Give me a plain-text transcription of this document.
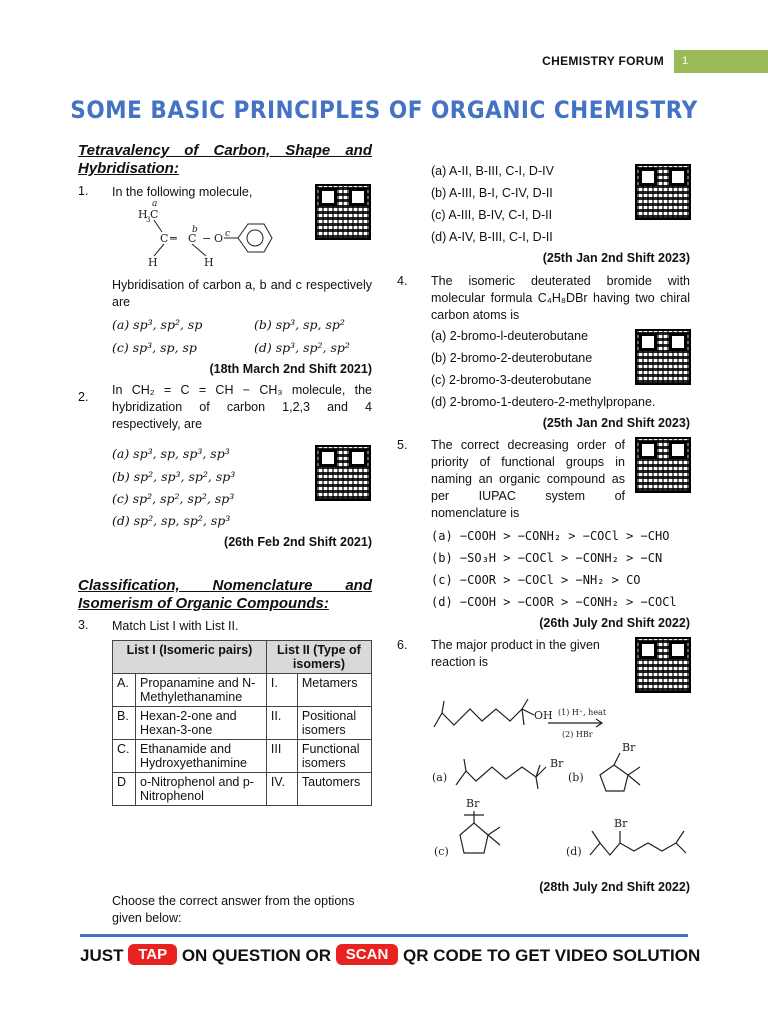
CHEMISTRY FORUM	1
SOME BASIC PRINCIPLES OF ORGANIC CHEMISTRY
Tetravalency of Carbon, Shape and Hybridisation:
1. In the following molecule,
a
H
3 C
C ═ C
b
− O c
H	H
Hybridisation of carbon a, b and c respectively are
(a) sp³, sp², sp	(b) sp³, sp, sp²
(c) sp³, sp, sp	(d) sp³, sp², sp²
(18th March 2nd Shift 2021)
2. In CH₂ = C = CH − CH₃ molecule, the hybridization of carbon 1,2,3 and 4 respectively, are
(a) sp³, sp, sp³, sp³
(b) sp², sp³, sp², sp³
(c) sp², sp², sp², sp³
(d) sp², sp, sp², sp³
(26th Feb 2nd Shift 2021)
Classification, Nomenclature and Isomerism of Organic Compounds:
3. Match List I with List II.
List I (Isomeric pairs)		List II (Type of isomers)	
A.	Propanamine and N-Methylethanamine	I.	Metamers
B.	Hexan-2-one and Hexan-3-one	II.	Positional isomers
C.	Ethanamide and Hydroxyethanimine	III	Functional isomers
D	o-Nitrophenol and p-Nitrophenol	IV.	Tautomers
Choose the correct answer from the options given below:
(a) A-II, B-III, C-I, D-IV
(b) A-III, B-I, C-IV, D-II
(c) A-III, B-IV, C-I, D-II
(d) A-IV, B-III, C-I, D-II
(25th Jan 2nd Shift 2023)
4. The isomeric deuterated bromide with molecular formula C₄H₈DBr having two chiral carbon atoms is
(a) 2-bromo-l-deuterobutane
(b) 2-bromo-2-deuterobutane
(c) 2-bromo-3-deuterobutane
(d) 2-bromo-1-deutero-2-methylpropane.
(25th Jan 2nd Shift 2023)
5. The correct decreasing order of priority of functional groups in naming an organic compound as per IUPAC system of nomenclature is
(a) −COOH > −CONH₂ > −COCl > −CHO
(b) −SO₃H > −COCl > −CONH₂ > −CN
(c) −COOR > −COCl > −NH₂ > CO
(d) −COOH > −COOR > −CONH₂ > −COCl
(26th July 2nd Shift 2022)
6. The major product in the given reaction is
OH (1) H⁺, heat
(2) HBr
(a)
Br
(b)
Br
(c)
Br
(d)
Br
(28th July 2nd Shift 2022)
JUST TAP ON QUESTION OR SCAN QR CODE TO GET VIDEO SOLUTION
